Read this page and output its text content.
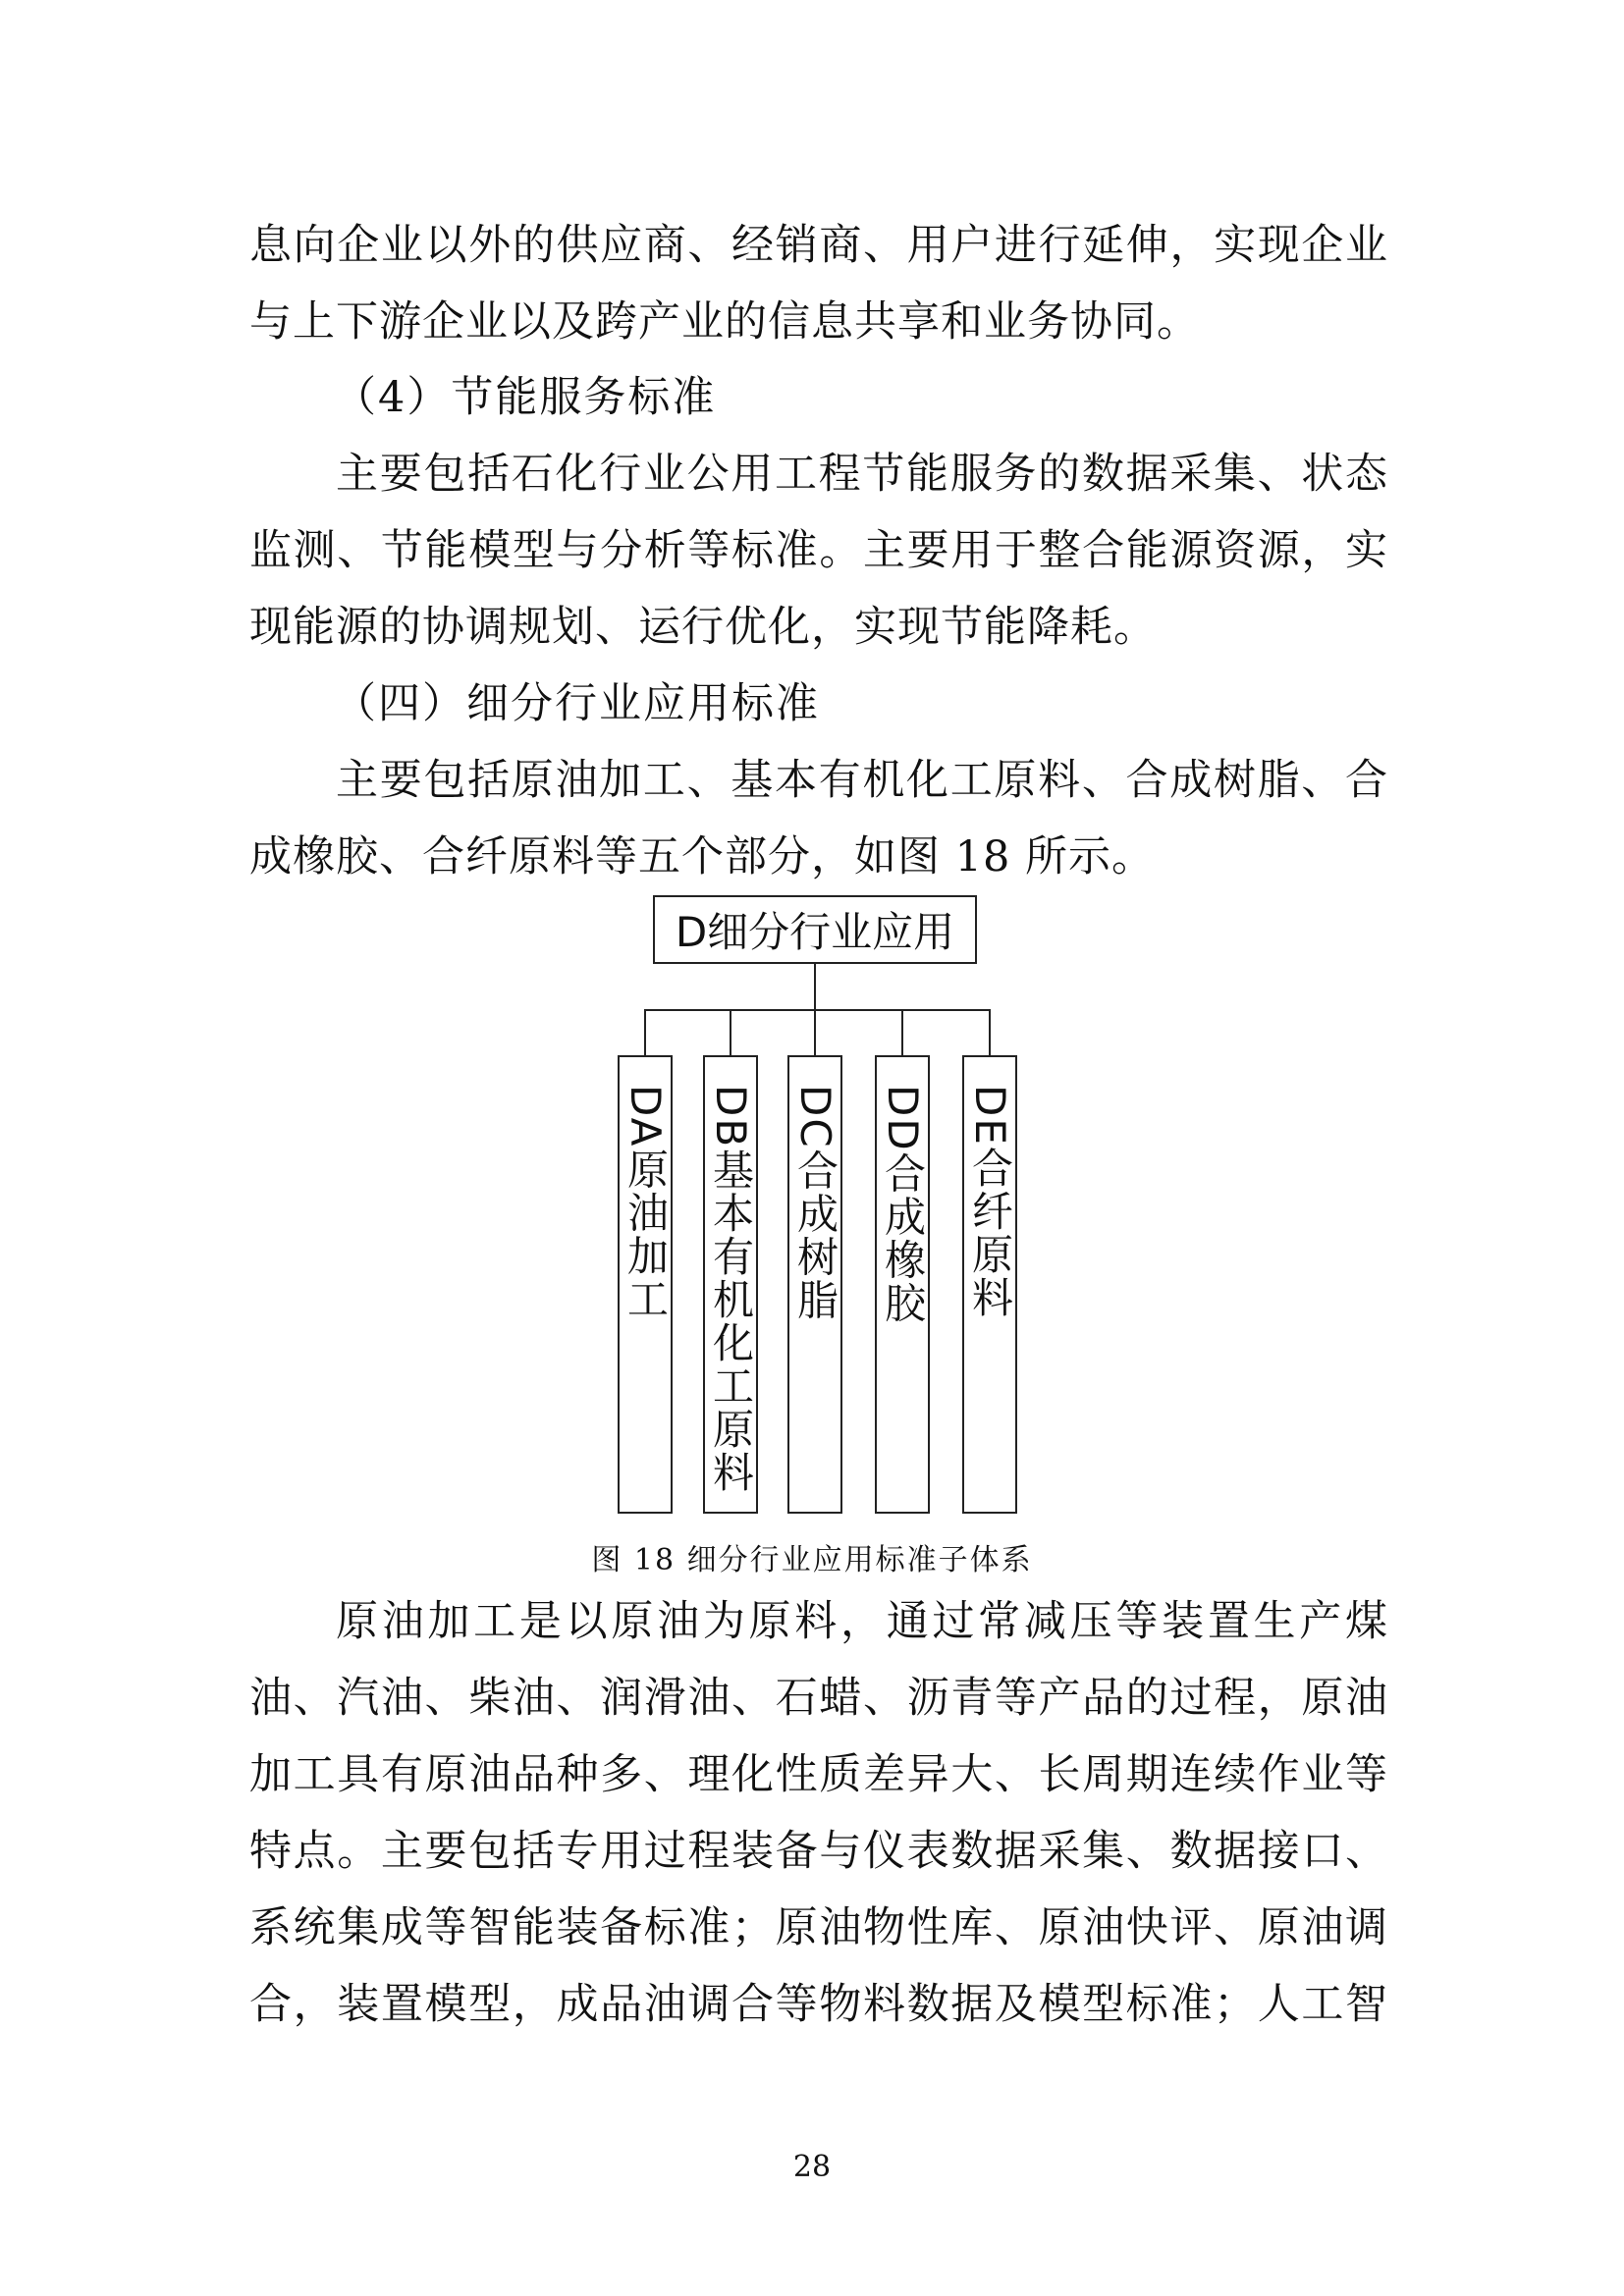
息向企业以外的供应商、经销商、用户进行延伸，实现企业
与上下游企业以及跨产业的信息共享和业务协同。
（4）节能服务标准
主要包括石化行业公用工程节能服务的数据采集、状态
监测、节能模型与分析等标准。主要用于整合能源资源，实
现能源的协调规划、运行优化，实现节能降耗。
（四）细分行业应用标准
主要包括原油加工、基本有机化工原料、合成树脂、合
成橡胶、合纤原料等五个部分，如图 18 所示。
D细分行业应用
DA原油加工 DB基本有机化工原料 DC合成树脂 DD合成橡胶 DE合纤原料
图 18 细分行业应用标准子体系
原油加工是以原油为原料，通过常减压等装置生产煤
油、汽油、柴油、润滑油、石蜡、沥青等产品的过程，原油
加工具有原油品种多、理化性质差异大、长周期连续作业等
特点。主要包括专用过程装备与仪表数据采集、数据接口、
系统集成等智能装备标准；原油物性库、原油快评、原油调
合，装置模型，成品油调合等物料数据及模型标准；人工智
28
